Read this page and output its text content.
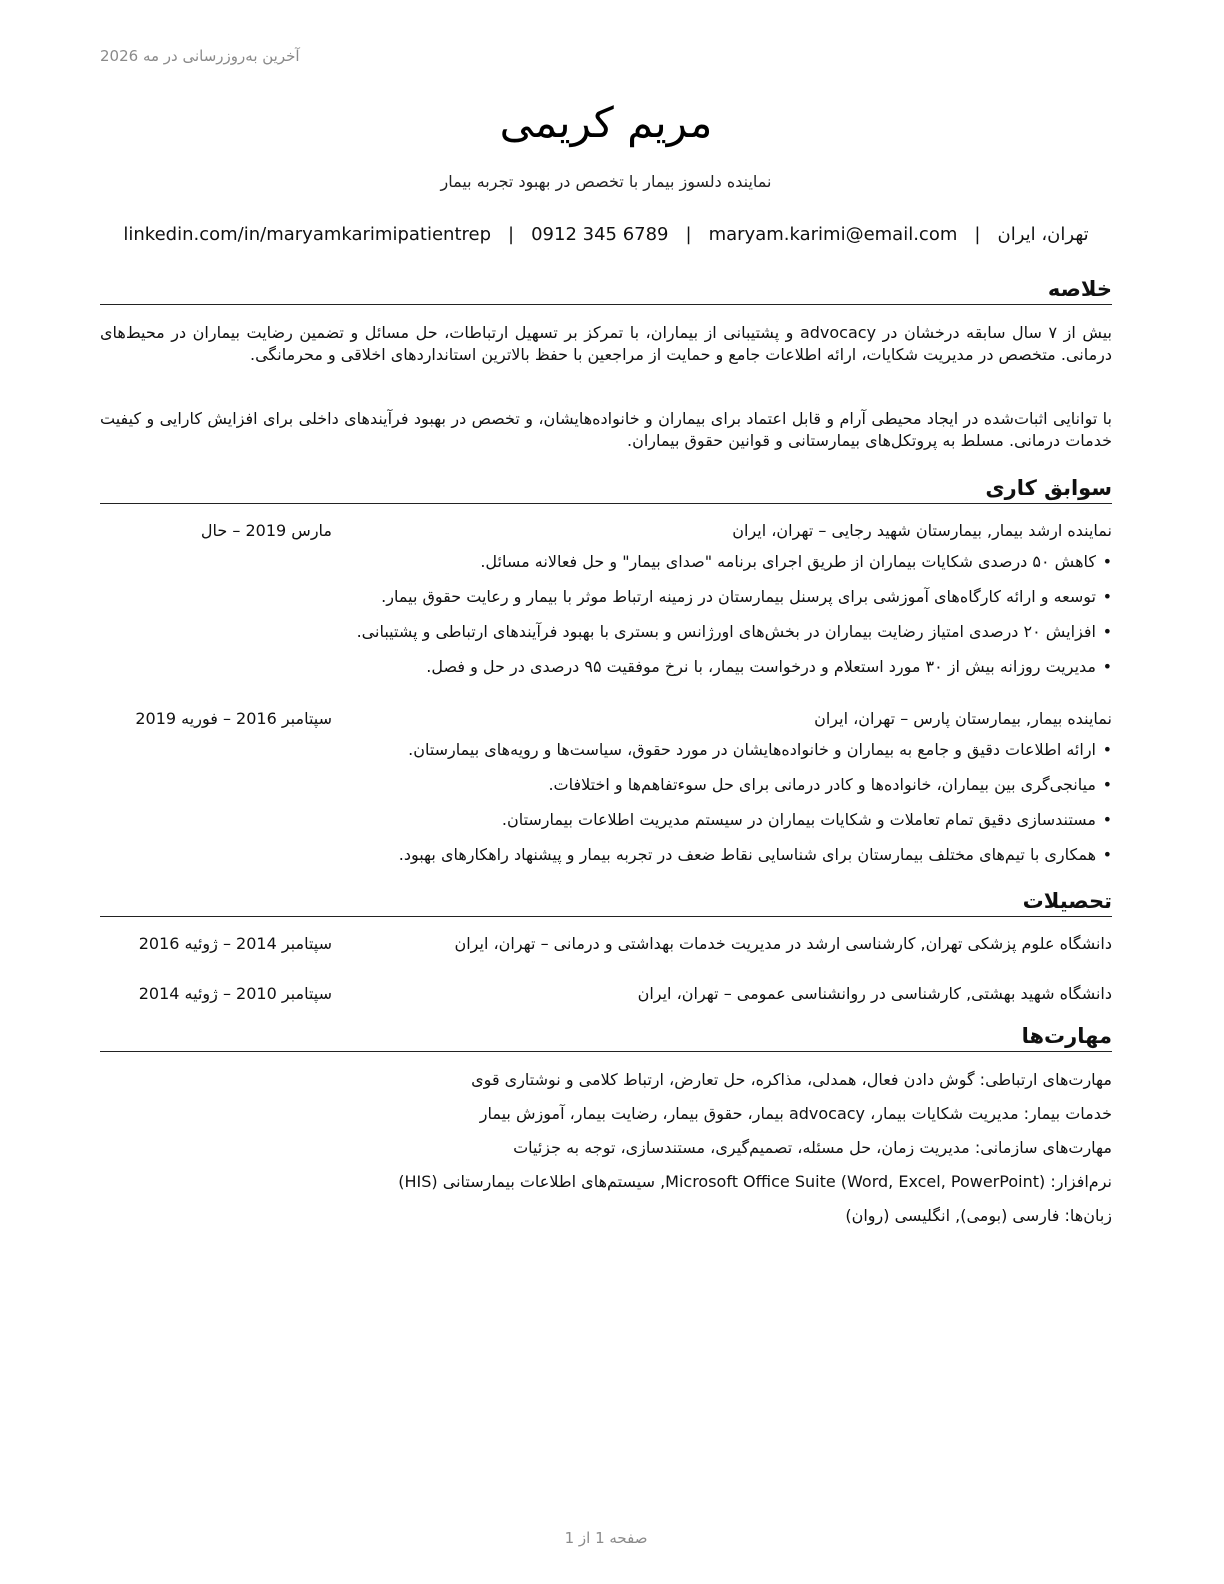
آخرین به‌روزرسانی در مه 2026
مریم کریمی
نماینده دلسوز بیمار با تخصص در بهبود تجربه بیمار
تهران، ایران
|
maryam.karimi@email.com
|
0912 345 6789
|
linkedin.com/in/maryamkarimipatientrep
خلاصه

بیش از ۷ سال سابقه درخشان در advocacy و پشتیبانی از بیماران، با تمرکز بر تسهیل ارتباطات، حل مسائل و تضمین رضایت بیماران در محیط‌های درمانی. متخصص در مدیریت شکایات، ارائه اطلاعات جامع و حمایت از مراجعین با حفظ بالاترین استانداردهای اخلاقی و محرمانگی.

با توانایی اثبات‌شده در ایجاد محیطی آرام و قابل اعتماد برای بیماران و خانواده‌هایشان، و تخصص در بهبود فرآیندهای داخلی برای افزایش کارایی و کیفیت خدمات درمانی. مسلط به پروتکل‌های بیمارستانی و قوانین حقوق بیماران.

سوابق کاری
نماینده ارشد بیمار, بیمارستان شهید رجایی – تهران، ایران
مارس 2019 – حال
• کاهش ۵۰ درصدی شکایات بیماران از طریق اجرای برنامه "صدای بیمار" و حل فعالانه مسائل.
• توسعه و ارائه کارگاه‌های آموزشی برای پرسنل بیمارستان در زمینه ارتباط موثر با بیمار و رعایت حقوق بیمار.
• افزایش ۲۰ درصدی امتیاز رضایت بیماران در بخش‌های اورژانس و بستری با بهبود فرآیندهای ارتباطی و پشتیبانی.
• مدیریت روزانه بیش از ۳۰ مورد استعلام و درخواست بیمار، با نرخ موفقیت ۹۵ درصدی در حل و فصل.
نماینده بیمار, بیمارستان پارس – تهران، ایران
سپتامبر 2016 – فوریه 2019
• ارائه اطلاعات دقیق و جامع به بیماران و خانواده‌هایشان در مورد حقوق، سیاست‌ها و رویه‌های بیمارستان.
• میانجی‌گری بین بیماران، خانواده‌ها و کادر درمانی برای حل سوءتفاهم‌ها و اختلافات.
• مستندسازی دقیق تمام تعاملات و شکایات بیماران در سیستم مدیریت اطلاعات بیمارستان.
• همکاری با تیم‌های مختلف بیمارستان برای شناسایی نقاط ضعف در تجربه بیمار و پیشنهاد راهکارهای بهبود.
تحصیلات
دانشگاه علوم پزشکی تهران, کارشناسی ارشد در مدیریت خدمات بهداشتی و درمانی – تهران، ایران
سپتامبر 2014 – ژوئیه 2016
دانشگاه شهید بهشتی, کارشناسی در روانشناسی عمومی – تهران، ایران
سپتامبر 2010 – ژوئیه 2014
مهارت‌ها
مهارت‌های ارتباطی: گوش دادن فعال، همدلی، مذاکره، حل تعارض، ارتباط کلامی و نوشتاری قوی
خدمات بیمار: مدیریت شکایات بیمار، advocacy بیمار، حقوق بیمار، رضایت بیمار، آموزش بیمار
مهارت‌های سازمانی: مدیریت زمان، حل مسئله، تصمیم‌گیری، مستندسازی، توجه به جزئیات
نرم‌افزار: Microsoft Office Suite (Word, Excel, PowerPoint), سیستم‌های اطلاعات بیمارستانی (HIS)
زبان‌ها: فارسی (بومی), انگلیسی (روان)
صفحه 1 از 1
